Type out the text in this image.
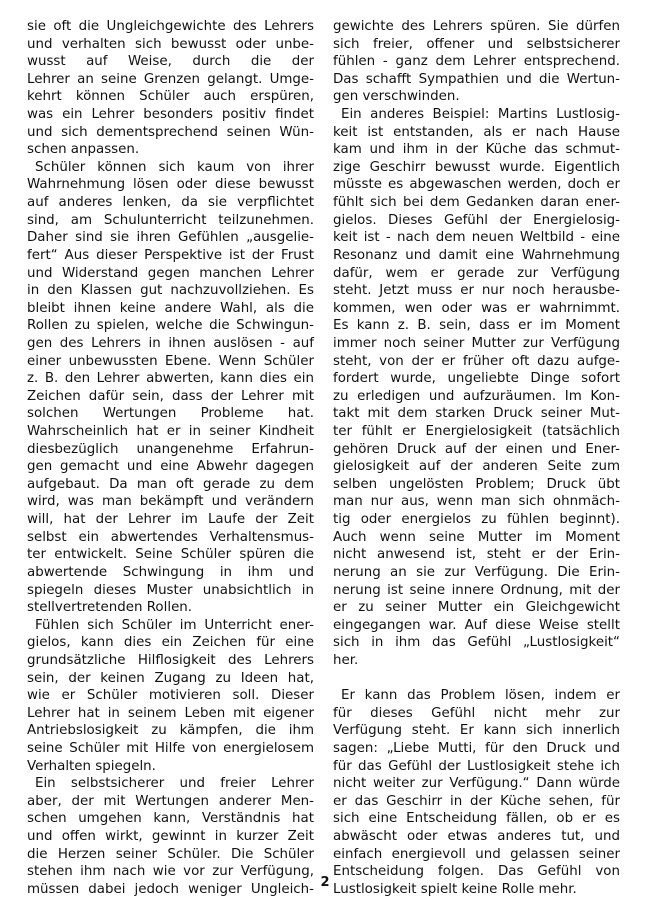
sie oft die Ungleichgewichte des Lehrers
und verhalten sich bewusst oder unbe-
wusst auf Weise, durch die der
Lehrer an seine Grenzen gelangt. Umge-
kehrt können Schüler auch erspüren,
was ein Lehrer besonders positiv findet
und sich dementsprechend seinen Wün-
schen anpassen.
Schüler können sich kaum von ihrer
Wahrnehmung lösen oder diese bewusst
auf anderes lenken, da sie verpflichtet
sind, am Schulunterricht teilzunehmen.
Daher sind sie ihren Gefühlen „ausgelie-
fert“ Aus dieser Perspektive ist der Frust
und Widerstand gegen manchen Lehrer
in den Klassen gut nachzuvollziehen. Es
bleibt ihnen keine andere Wahl, als die
Rollen zu spielen, welche die Schwingun-
gen des Lehrers in ihnen auslösen - auf
einer unbewussten Ebene. Wenn Schüler
z. B. den Lehrer abwerten, kann dies ein
Zeichen dafür sein, dass der Lehrer mit
solchen Wertungen Probleme hat.
Wahrscheinlich hat er in seiner Kindheit
diesbezüglich unangenehme Erfahrun-
gen gemacht und eine Abwehr dagegen
aufgebaut. Da man oft gerade zu dem
wird, was man bekämpft und verändern
will, hat der Lehrer im Laufe der Zeit
selbst ein abwertendes Verhaltensmus-
ter entwickelt. Seine Schüler spüren die
abwertende Schwingung in ihm und
spiegeln dieses Muster unabsichtlich in
stellvertretenden Rollen.
Fühlen sich Schüler im Unterricht ener-
gielos, kann dies ein Zeichen für eine
grundsätzliche Hilflosigkeit des Lehrers
sein, der keinen Zugang zu Ideen hat,
wie er Schüler motivieren soll. Dieser
Lehrer hat in seinem Leben mit eigener
Antriebslosigkeit zu kämpfen, die ihm
seine Schüler mit Hilfe von energielosem
Verhalten spiegeln.
Ein selbstsicherer und freier Lehrer
aber, der mit Wertungen anderer Men-
schen umgehen kann, Verständnis hat
und offen wirkt, gewinnt in kurzer Zeit
die Herzen seiner Schüler. Die Schüler
stehen ihm nach wie vor zur Verfügung,
müssen dabei jedoch weniger Ungleich-
gewichte des Lehrers spüren. Sie dürfen
sich freier, offener und selbstsicherer
fühlen - ganz dem Lehrer entsprechend.
Das schafft Sympathien und die Wertun-
gen verschwinden.
Ein anderes Beispiel: Martins Lustlosig-
keit ist entstanden, als er nach Hause
kam und ihm in der Küche das schmut-
zige Geschirr bewusst wurde. Eigentlich
müsste es abgewaschen werden, doch er
fühlt sich bei dem Gedanken daran ener-
gielos. Dieses Gefühl der Energielosig-
keit ist - nach dem neuen Weltbild - eine
Resonanz und damit eine Wahrnehmung
dafür, wem er gerade zur Verfügung
steht. Jetzt muss er nur noch herausbe-
kommen, wen oder was er wahrnimmt.
Es kann z. B. sein, dass er im Moment
immer noch seiner Mutter zur Verfügung
steht, von der er früher oft dazu aufge-
fordert wurde, ungeliebte Dinge sofort
zu erledigen und aufzuräumen. Im Kon-
takt mit dem starken Druck seiner Mut-
ter fühlt er Energielosigkeit (tatsächlich
gehören Druck auf der einen und Ener-
gielosigkeit auf der anderen Seite zum
selben ungelösten Problem; Druck übt
man nur aus, wenn man sich ohnmäch-
tig oder energielos zu fühlen beginnt).
Auch wenn seine Mutter im Moment
nicht anwesend ist, steht er der Erin-
nerung an sie zur Verfügung. Die Erin-
nerung ist seine innere Ordnung, mit der
er zu seiner Mutter ein Gleichgewicht
eingegangen war. Auf diese Weise stellt
sich in ihm das Gefühl „Lustlosigkeit“
her.
Er kann das Problem lösen, indem er
für dieses Gefühl nicht mehr zur
Verfügung steht. Er kann sich innerlich
sagen: „Liebe Mutti, für den Druck und
für das Gefühl der Lustlosigkeit stehe ich
nicht weiter zur Verfügung.“ Dann würde
er das Geschirr in der Küche sehen, für
sich eine Entscheidung fällen, ob er es
abwäscht oder etwas anderes tut, und
einfach energievoll und gelassen seiner
Entscheidung folgen. Das Gefühl von
Lustlosigkeit spielt keine Rolle mehr.
2
